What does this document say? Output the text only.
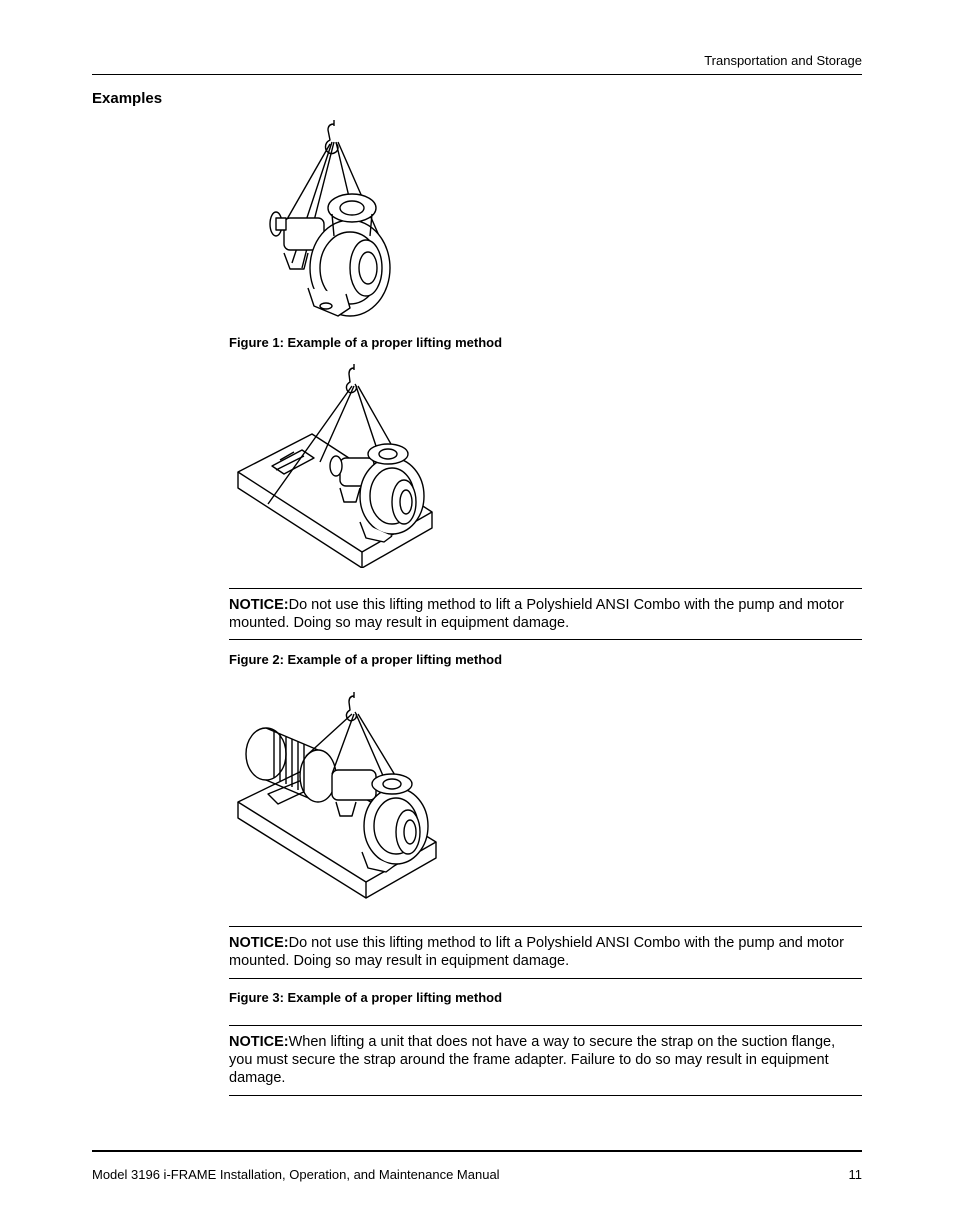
Transportation and Storage
Examples
Figure 1: Example of a proper lifting method
NOTICE:Do not use this lifting method to lift a Polyshield ANSI Combo with the pump and motor mounted. Doing so may result in equipment damage.
Figure 2: Example of a proper lifting method
NOTICE:Do not use this lifting method to lift a Polyshield ANSI Combo with the pump and motor mounted. Doing so may result in equipment damage.
Figure 3: Example of a proper lifting method
NOTICE:When lifting a unit that does not have a way to secure the strap on the suction flange, you must secure the strap around the frame adapter. Failure to do so may result in equipment damage.
Model 3196 i-FRAME Installation, Operation, and Maintenance Manual	11
